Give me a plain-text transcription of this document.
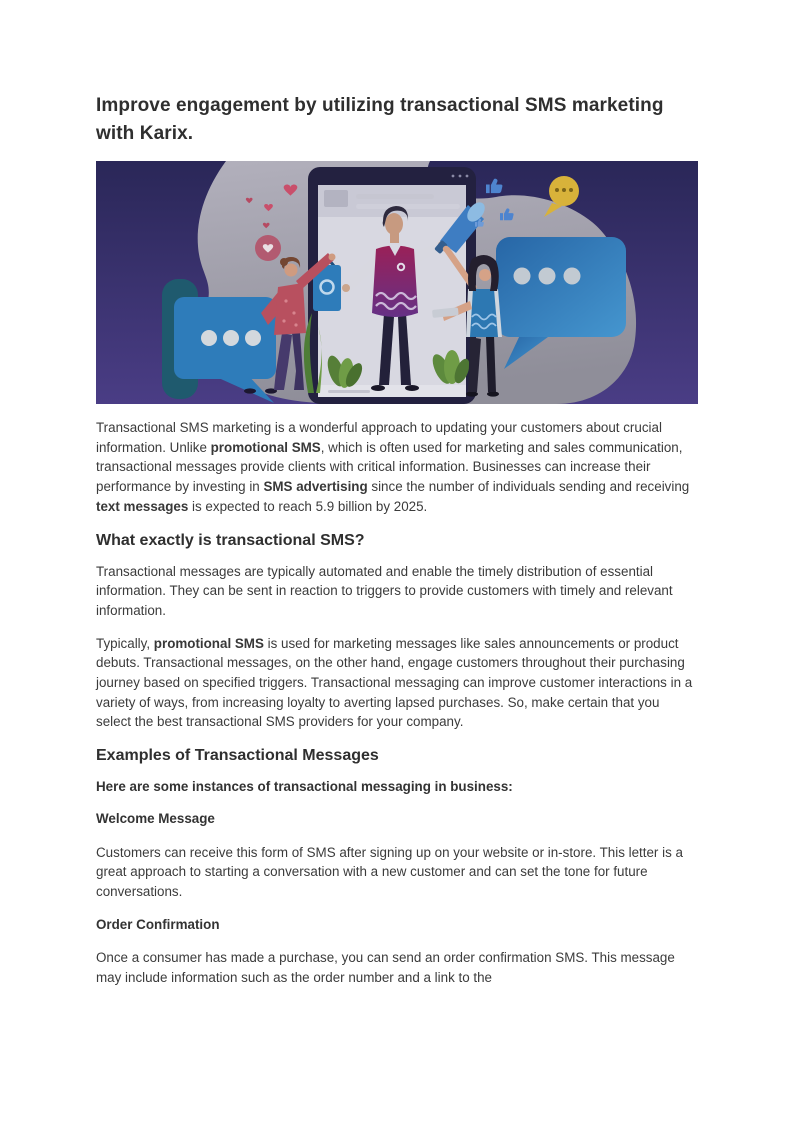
Improve engagement by utilizing transactional SMS marketing with Karix.

Transactional SMS marketing is a wonderful approach to updating your customers about crucial information. Unlike promotional SMS, which is often used for marketing and sales communication, transactional messages provide clients with critical information. Businesses can increase their performance by investing in SMS advertising since the number of individuals sending and receiving text messages is expected to reach 5.9 billion by 2025.

What exactly is transactional SMS?

Transactional messages are typically automated and enable the timely distribution of essential information. They can be sent in reaction to triggers to provide customers with timely and relevant information.

Typically, promotional SMS is used for marketing messages like sales announcements or product debuts. Transactional messages, on the other hand, engage customers throughout their purchasing journey based on specified triggers. Transactional messaging can improve customer interactions in a variety of ways, from increasing loyalty to averting lapsed purchases. So, make certain that you select the best transactional SMS providers for your company.

Examples of Transactional Messages

Here are some instances of transactional messaging in business:

Welcome Message

Customers can receive this form of SMS after signing up on your website or in-store. This letter is a great approach to starting a conversation with a new customer and can set the tone for future conversations.

Order Confirmation

Once a consumer has made a purchase, you can send an order confirmation SMS. This message may include information such as the order number and a link to the
